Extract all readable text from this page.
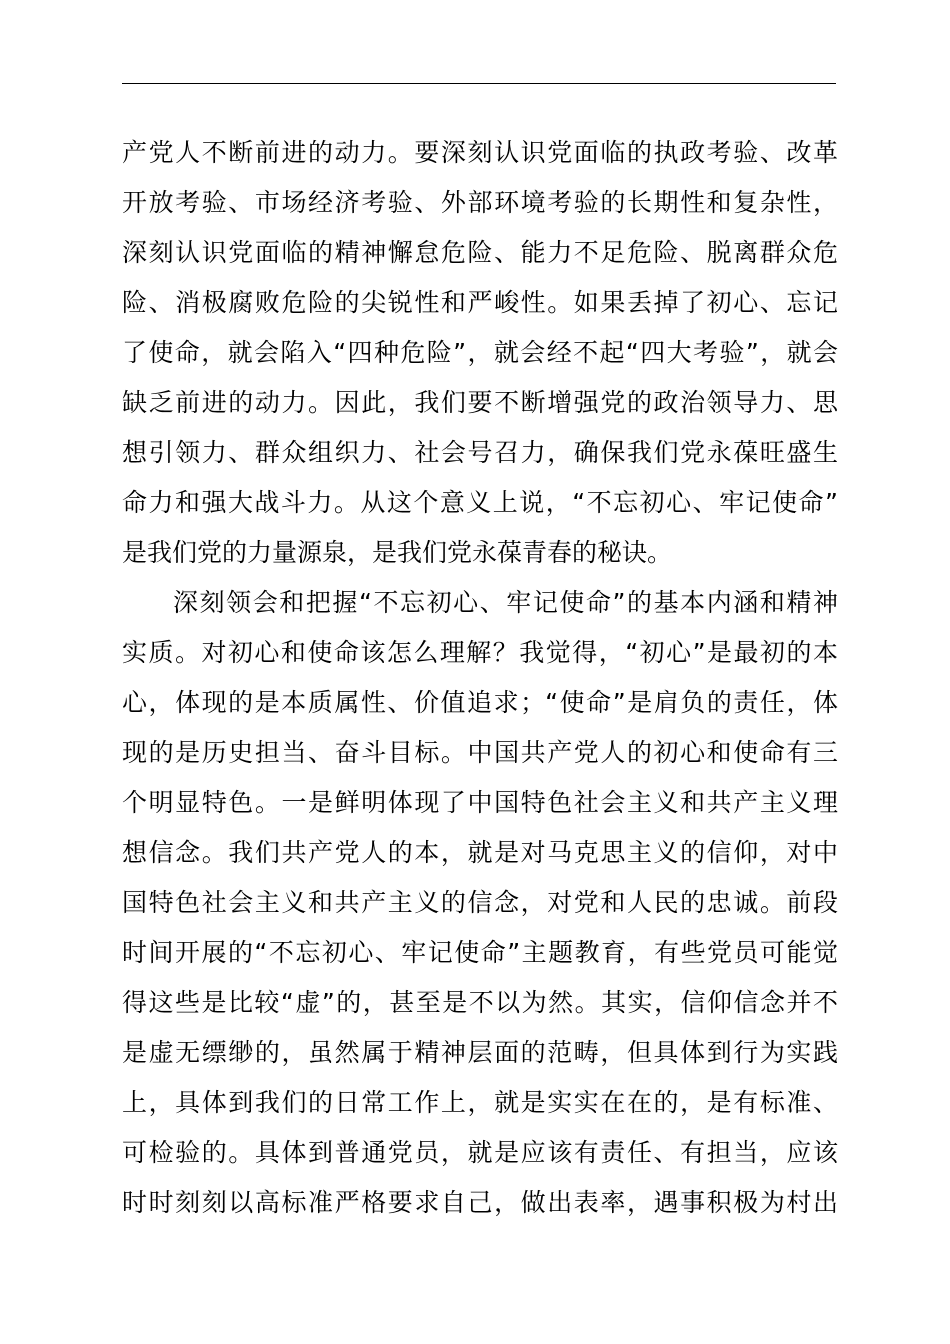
产党人不断前进的动力。要深刻认识党面临的执政考验、改革
开放考验、市场经济考验、外部环境考验的长期性和复杂性，
深刻认识党面临的精神懈怠危险、能力不足危险、脱离群众危
险、消极腐败危险的尖锐性和严峻性。如果丢掉了初心、忘记
了使命，就会陷入“四种危险”，就会经不起“四大考验”，就会
缺乏前进的动力。因此，我们要不断增强党的政治领导力、思
想引领力、群众组织力、社会号召力，确保我们党永葆旺盛生
命力和强大战斗力。从这个意义上说，“不忘初心、牢记使命”
是我们党的力量源泉，是我们党永葆青春的秘诀。
深刻领会和把握“不忘初心、牢记使命”的基本内涵和精神
实质。对初心和使命该怎么理解？我觉得，“初心”是最初的本
心，体现的是本质属性、价值追求；“使命”是肩负的责任，体
现的是历史担当、奋斗目标。中国共产党人的初心和使命有三
个明显特色。一是鲜明体现了中国特色社会主义和共产主义理
想信念。我们共产党人的本，就是对马克思主义的信仰，对中
国特色社会主义和共产主义的信念，对党和人民的忠诚。前段
时间开展的“不忘初心、牢记使命”主题教育，有些党员可能觉
得这些是比较“虚”的，甚至是不以为然。其实，信仰信念并不
是虚无缥缈的，虽然属于精神层面的范畴，但具体到行为实践
上，具体到我们的日常工作上，就是实实在在的，是有标准、
可检验的。具体到普通党员，就是应该有责任、有担当，应该
时时刻刻以高标准严格要求自己，做出表率，遇事积极为村出
